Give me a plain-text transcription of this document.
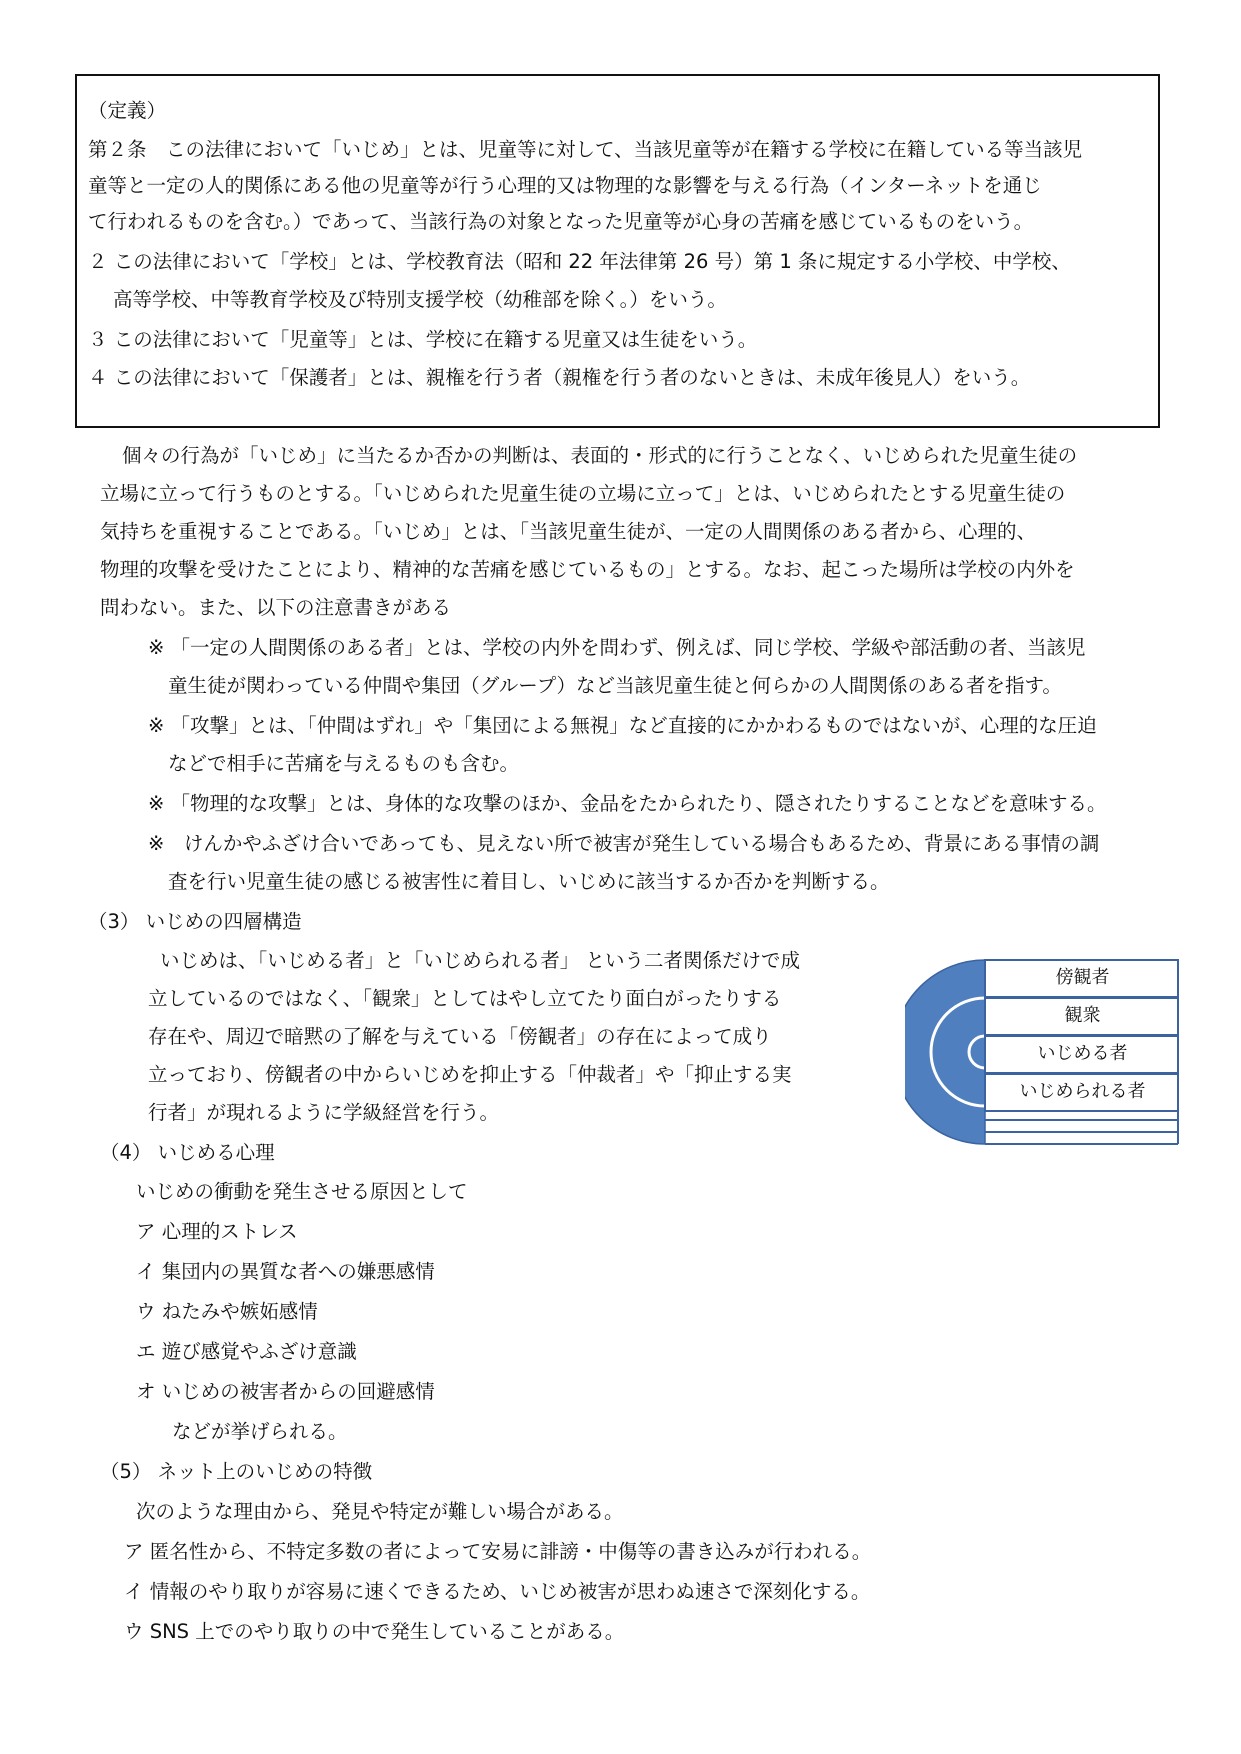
（定義）
第２条　この法律において「いじめ」とは、児童等に対して、当該児童等が在籍する学校に在籍している等当該児
童等と一定の人的関係にある他の児童等が行う心理的又は物理的な影響を与える行為（インターネットを通じ
て行われるものを含む。）であって、当該行為の対象となった児童等が心身の苦痛を感じているものをいう。
２ この法律において「学校」とは、学校教育法（昭和 22 年法律第 26 号）第 1 条に規定する小学校、中学校、
高等学校、中等教育学校及び特別支援学校（幼稚部を除く。）をいう。
３ この法律において「児童等」とは、学校に在籍する児童又は生徒をいう。
４ この法律において「保護者」とは、親権を行う者（親権を行う者のないときは、未成年後見人）をいう。
個々の行為が「いじめ」に当たるか否かの判断は、表面的・形式的に行うことなく、いじめられた児童生徒の
立場に立って行うものとする。「いじめられた児童生徒の立場に立って」とは、いじめられたとする児童生徒の
気持ちを重視することである。「いじめ」とは、「当該児童生徒が、一定の人間関係のある者から、心理的、
物理的攻撃を受けたことにより、精神的な苦痛を感じているもの」とする。なお、起こった場所は学校の内外を
問わない。また、以下の注意書きがある
※ 「一定の人間関係のある者」とは、学校の内外を問わず、例えば、同じ学校、学級や部活動の者、当該児
童生徒が関わっている仲間や集団（グループ）など当該児童生徒と何らかの人間関係のある者を指す。
※ 「攻撃」とは、「仲間はずれ」や「集団による無視」など直接的にかかわるものではないが、心理的な圧迫
などで相手に苦痛を与えるものも含む。
※ 「物理的な攻撃」とは、身体的な攻撃のほか、金品をたかられたり、隠されたりすることなどを意味する。
※　けんかやふざけ合いであっても、見えない所で被害が発生している場合もあるため、背景にある事情の調
査を行い児童生徒の感じる被害性に着目し、いじめに該当するか否かを判断する。
（3） いじめの四層構造
いじめは、「いじめる者」と「いじめられる者」 という二者関係だけで成
立しているのではなく、「観衆」としてはやし立てたり面白がったりする
存在や、周辺で暗黙の了解を与えている「傍観者」の存在によって成り
立っており、傍観者の中からいじめを抑止する「仲裁者」や「抑止する実
行者」が現れるように学級経営を行う。
傍観者
観衆
いじめる者
いじめられる者
（4） いじめる心理
いじめの衝動を発生させる原因として
ア 心理的ストレス
イ 集団内の異質な者への嫌悪感情
ウ ねたみや嫉妬感情
エ 遊び感覚やふざけ意識
オ いじめの被害者からの回避感情
などが挙げられる。
（5） ネット上のいじめの特徴
次のような理由から、発見や特定が難しい場合がある。
ア 匿名性から、不特定多数の者によって安易に誹謗・中傷等の書き込みが行われる。
イ 情報のやり取りが容易に速くできるため、いじめ被害が思わぬ速さで深刻化する。
ウ SNS 上でのやり取りの中で発生していることがある。
